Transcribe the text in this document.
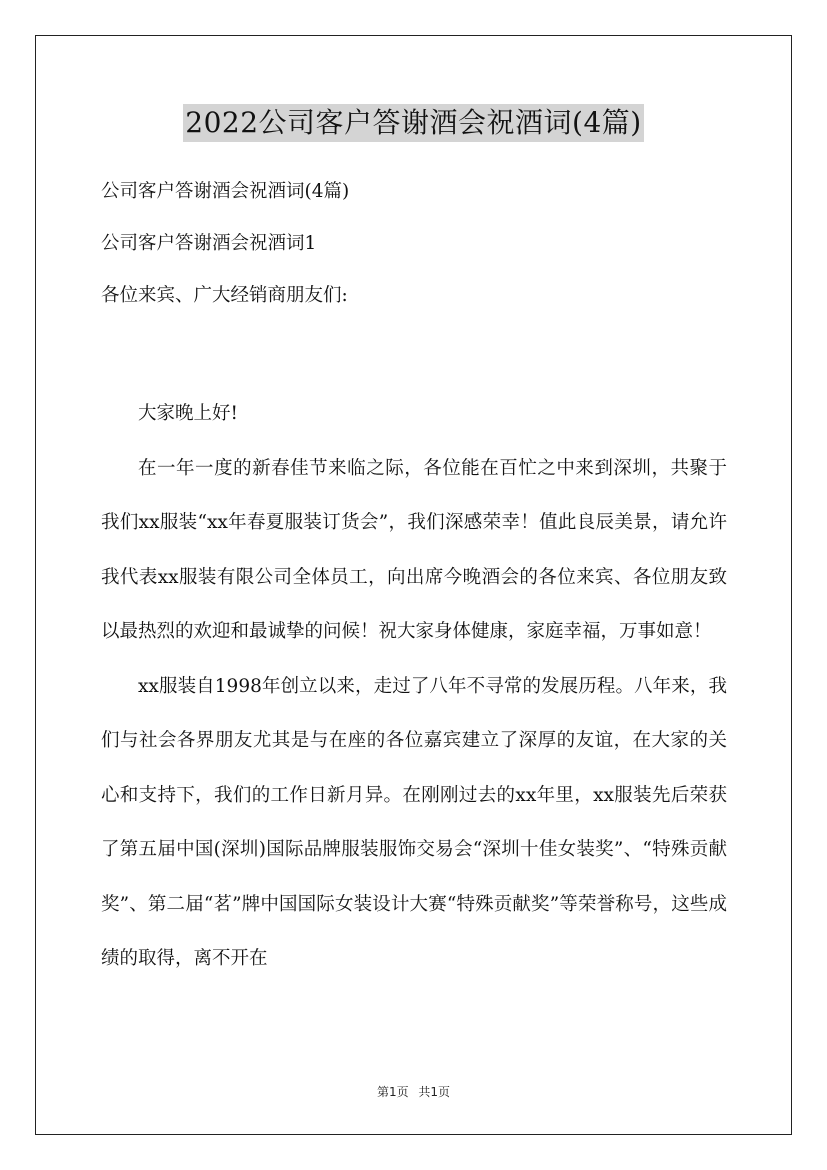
2022公司客户答谢酒会祝酒词(4篇)
公司客户答谢酒会祝酒词(4篇)
公司客户答谢酒会祝酒词1
各位来宾、广大经销商朋友们:
大家晚上好!

在一年一度的新春佳节来临之际，各位能在百忙之中来到深圳，共聚于我们xx服装“xx年春夏服装订货会”，我们深感荣幸！值此良辰美景，请允许我代表xx服装有限公司全体员工，向出席今晚酒会的各位来宾、各位朋友致以最热烈的欢迎和最诚挚的问候！祝大家身体健康，家庭幸福，万事如意！

xx服装自1998年创立以来，走过了八年不寻常的发展历程。八年来，我们与社会各界朋友尤其是与在座的各位嘉宾建立了深厚的友谊，在大家的关心和支持下，我们的工作日新月异。在刚刚过去的xx年里，xx服装先后荣获了第五届中国(深圳)国际品牌服装服饰交易会“深圳十佳女装奖”、“特殊贡献奖”、第二届“茗”牌中国国际女装设计大赛“特殊贡献奖”等荣誉称号，这些成绩的取得，离不开在

第1页 共1页
